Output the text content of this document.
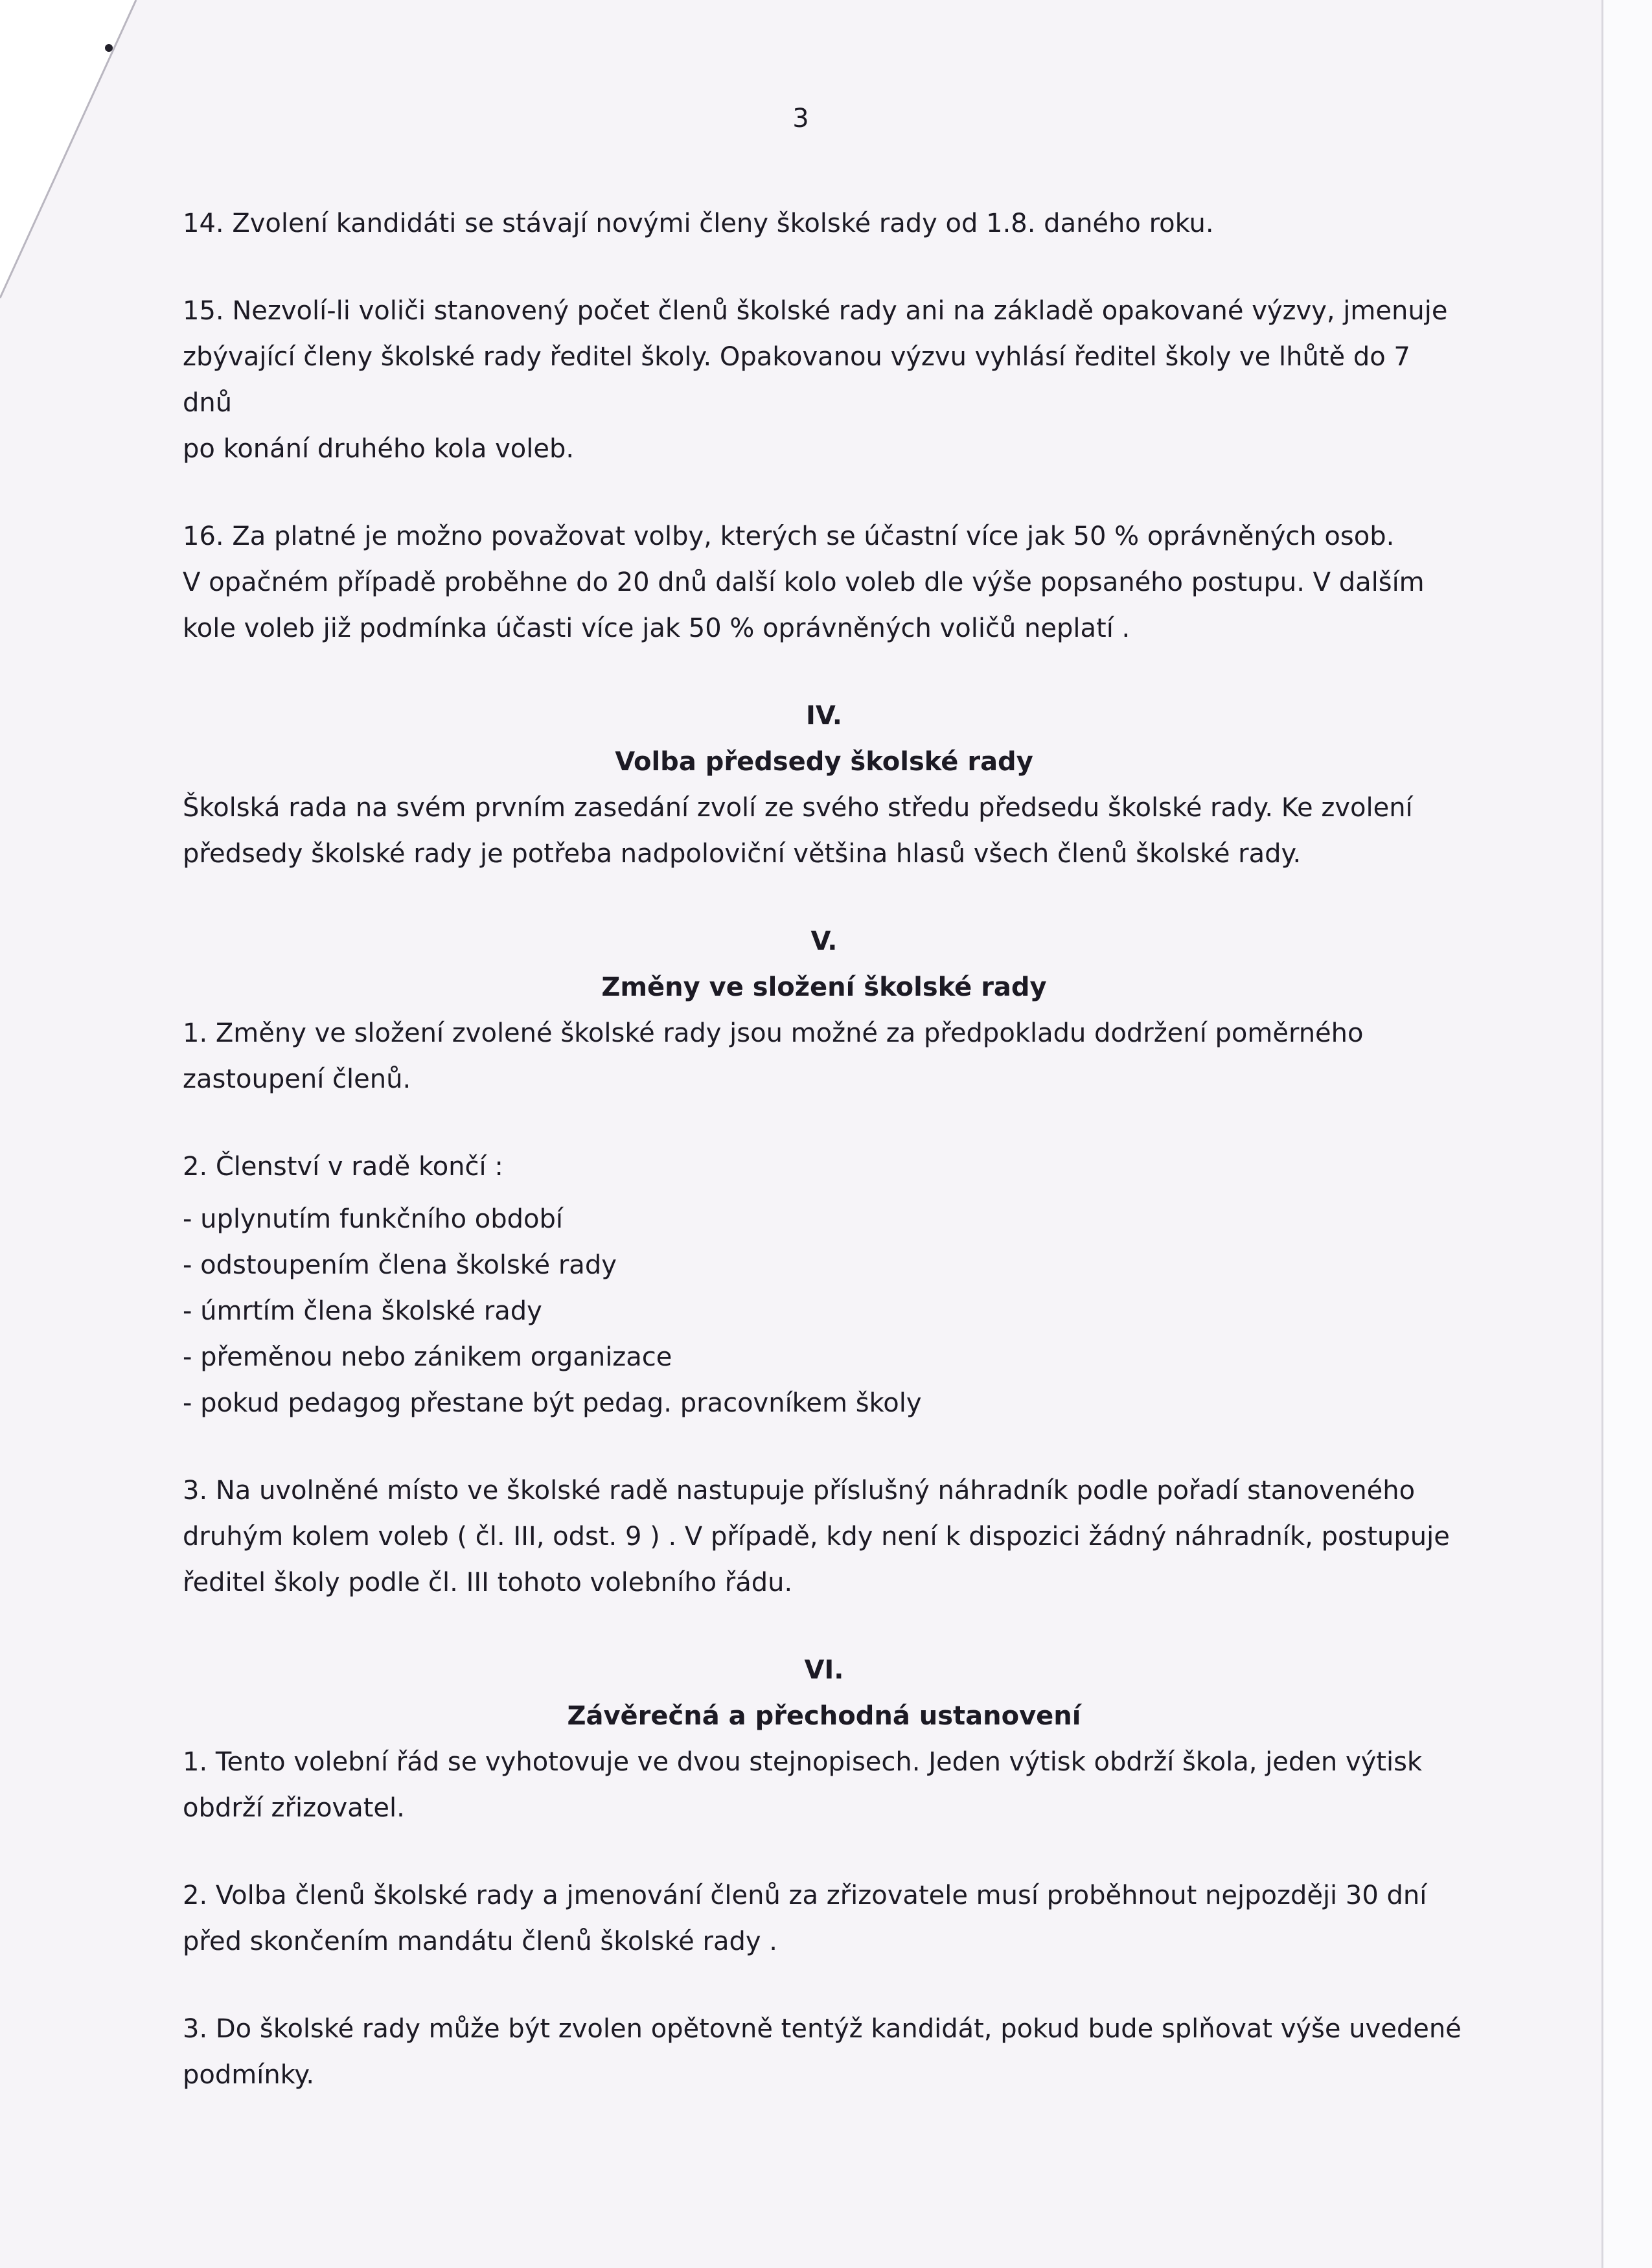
3

14. Zvolení kandidáti se stávají novými členy školské rady od 1.8. daného roku.

15. Nezvolí-li voliči stanovený počet členů školské rady ani na základě opakované výzvy, jmenuje
zbývající členy školské rady ředitel školy. Opakovanou výzvu vyhlásí ředitel školy ve lhůtě do 7 dnů
po konání druhého kola voleb.

16. Za platné je možno považovat volby, kterých se účastní více jak 50 % oprávněných osob.
V opačném případě proběhne do 20 dnů další kolo voleb dle výše popsaného postupu. V dalším
kole voleb již podmínka účasti více jak 50 % oprávněných voličů neplatí .

IV.

Volba předsedy školské rady

Školská rada na svém prvním zasedání zvolí ze svého středu předsedu školské rady. Ke zvolení
předsedy školské rady je potřeba nadpoloviční většina hlasů všech členů školské rady.

V.

Změny ve složení školské rady

1. Změny ve složení zvolené školské rady jsou možné za předpokladu dodržení poměrného
zastoupení členů.

2. Členství v radě končí :

- uplynutím funkčního období
- odstoupením člena školské rady
- úmrtím člena školské rady
- přeměnou nebo zánikem organizace
- pokud pedagog přestane být pedag. pracovníkem školy

3. Na uvolněné místo ve školské radě nastupuje příslušný náhradník podle pořadí stanoveného
druhým kolem voleb ( čl. III, odst. 9 ) . V případě, kdy není k dispozici žádný náhradník, postupuje
ředitel školy podle čl. III tohoto volebního řádu.

VI.

Závěrečná a přechodná ustanovení

1. Tento volební řád se vyhotovuje ve dvou stejnopisech. Jeden výtisk obdrží škola, jeden výtisk
obdrží zřizovatel.

2. Volba členů školské rady a jmenování členů za zřizovatele musí proběhnout nejpozději 30 dní
před skončením mandátu členů školské rady .

3. Do školské rady může být zvolen opětovně tentýž kandidát, pokud bude splňovat výše uvedené
podmínky.
